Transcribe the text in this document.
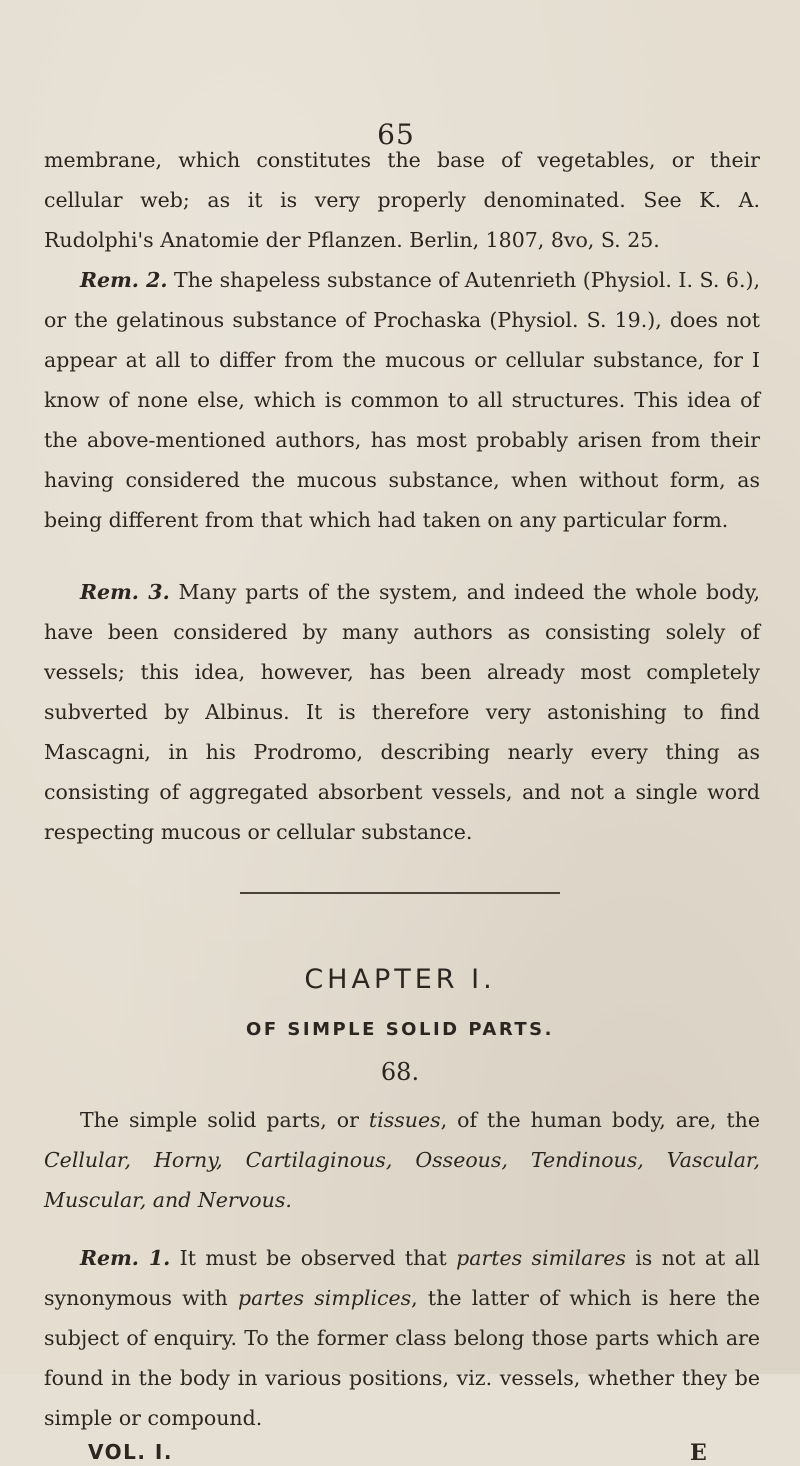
65

membrane, which constitutes the base of vegetables, or their cellular web; as it is very properly denominated. See K. A. Rudolphi's Anatomie der Pflanzen. Berlin, 1807, 8vo, S. 25.

Rem. 2. The shapeless substance of Autenrieth (Physiol. I. S. 6.), or the gelatinous substance of Prochaska (Physiol. S. 19.), does not appear at all to differ from the mucous or cellular substance, for I know of none else, which is common to all structures. This idea of the above-mentioned authors, has most probably arisen from their having considered the mucous substance, when without form, as being different from that which had taken on any particular form.

Rem. 3. Many parts of the system, and indeed the whole body, have been considered by many authors as consisting solely of vessels; this idea, however, has been already most completely subverted by Albinus. It is therefore very astonishing to find Mascagni, in his Prodromo, describing nearly every thing as consisting of aggregated absorbent vessels, and not a single word respecting mucous or cellular substance.

CHAPTER I.
OF SIMPLE SOLID PARTS.
68.

The simple solid parts, or tissues, of the human body, are, the Cellular, Horny, Cartilaginous, Osseous, Tendinous, Vascular, Muscular, and Nervous.

Rem. 1. It must be observed that partes similares is not at all synonymous with partes simplices, the latter of which is here the subject of enquiry. To the former class belong those parts which are found in the body in various positions, viz. vessels, whether they be simple or compound.

VOL. I.	E
